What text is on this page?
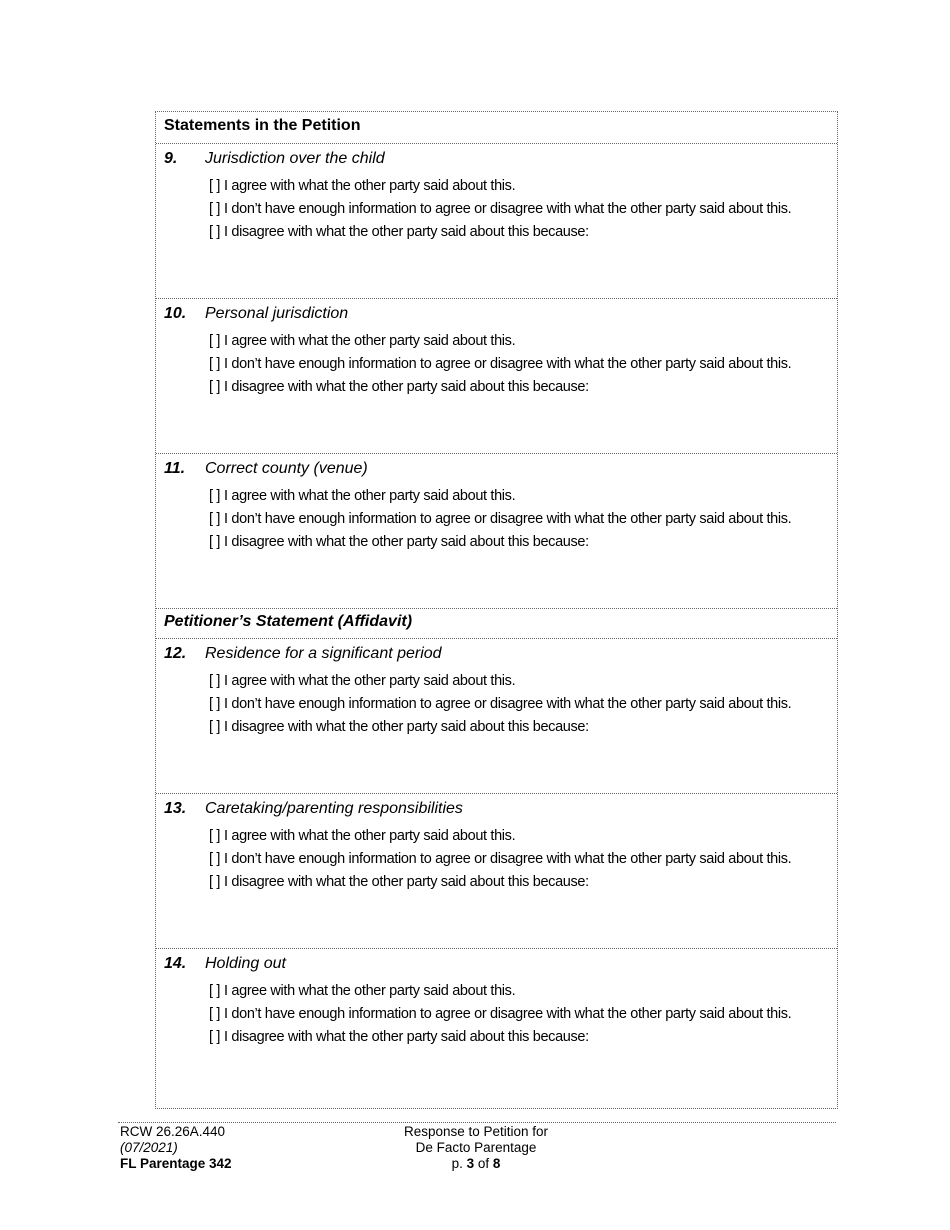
Statements in the Petition
9. Jurisdiction over the child
[ ] I agree with what the other party said about this.
[ ] I don’t have enough information to agree or disagree with what the other party said about this.
[ ] I disagree with what the other party said about this because:
10. Personal jurisdiction
[ ] I agree with what the other party said about this.
[ ] I don’t have enough information to agree or disagree with what the other party said about this.
[ ] I disagree with what the other party said about this because:
11. Correct county (venue)
[ ] I agree with what the other party said about this.
[ ] I don’t have enough information to agree or disagree with what the other party said about this.
[ ] I disagree with what the other party said about this because:
Petitioner’s Statement (Affidavit)
12. Residence for a significant period
[ ] I agree with what the other party said about this.
[ ] I don’t have enough information to agree or disagree with what the other party said about this.
[ ] I disagree with what the other party said about this because:
13. Caretaking/parenting responsibilities
[ ] I agree with what the other party said about this.
[ ] I don’t have enough information to agree or disagree with what the other party said about this.
[ ] I disagree with what the other party said about this because:
14. Holding out
[ ] I agree with what the other party said about this.
[ ] I don’t have enough information to agree or disagree with what the other party said about this.
[ ] I disagree with what the other party said about this because:
RCW 26.26A.440
(07/2021)
FL Parentage 342
Response to Petition for
De Facto Parentage
p. 3 of 8
